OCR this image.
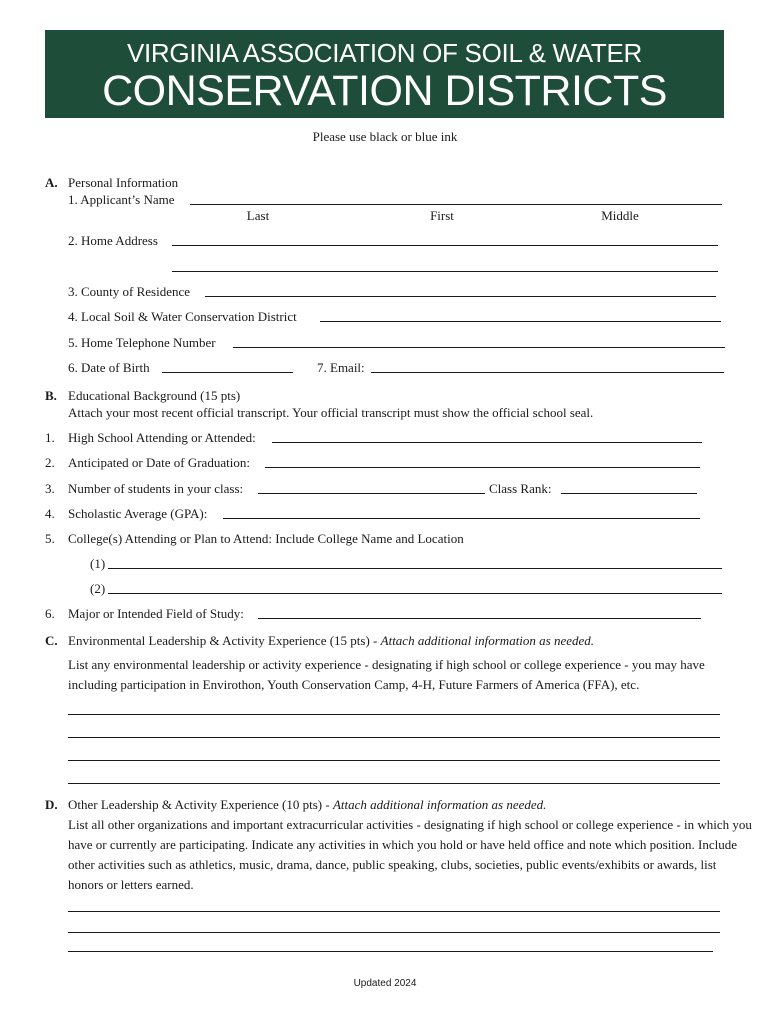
VIRGINIA ASSOCIATION OF SOIL & WATER
CONSERVATION DISTRICTS
Please use black or blue ink
A. Personal Information
1. Applicant’s Name
Last	First	Middle
2. Home Address
3. County of Residence
4. Local Soil & Water Conservation District
5. Home Telephone Number
6. Date of Birth	7. Email:
B. Educational Background (15 pts)
Attach your most recent official transcript. Your official transcript must show the official school seal.
1. High School Attending or Attended:
2. Anticipated or Date of Graduation:
3. Number of students in your class:	Class Rank:
4. Scholastic Average (GPA):
5. College(s) Attending or Plan to Attend: Include College Name and Location
(1)
(2)
6. Major or Intended Field of Study:
C. Environmental Leadership & Activity Experience (15 pts) - Attach additional information as needed.
List any environmental leadership or activity experience - designating if high school or college experience - you may have including participation in Envirothon, Youth Conservation Camp, 4-H, Future Farmers of America (FFA), etc.
D. Other Leadership & Activity Experience (10 pts) - Attach additional information as needed.
List all other organizations and important extracurricular activities - designating if high school or college experience - in which you have or currently are participating. Indicate any activities in which you hold or have held office and note which position. Include other activities such as athletics, music, drama, dance, public speaking, clubs, societies, public events/exhibits or awards, list honors or letters earned.
Updated 2024
